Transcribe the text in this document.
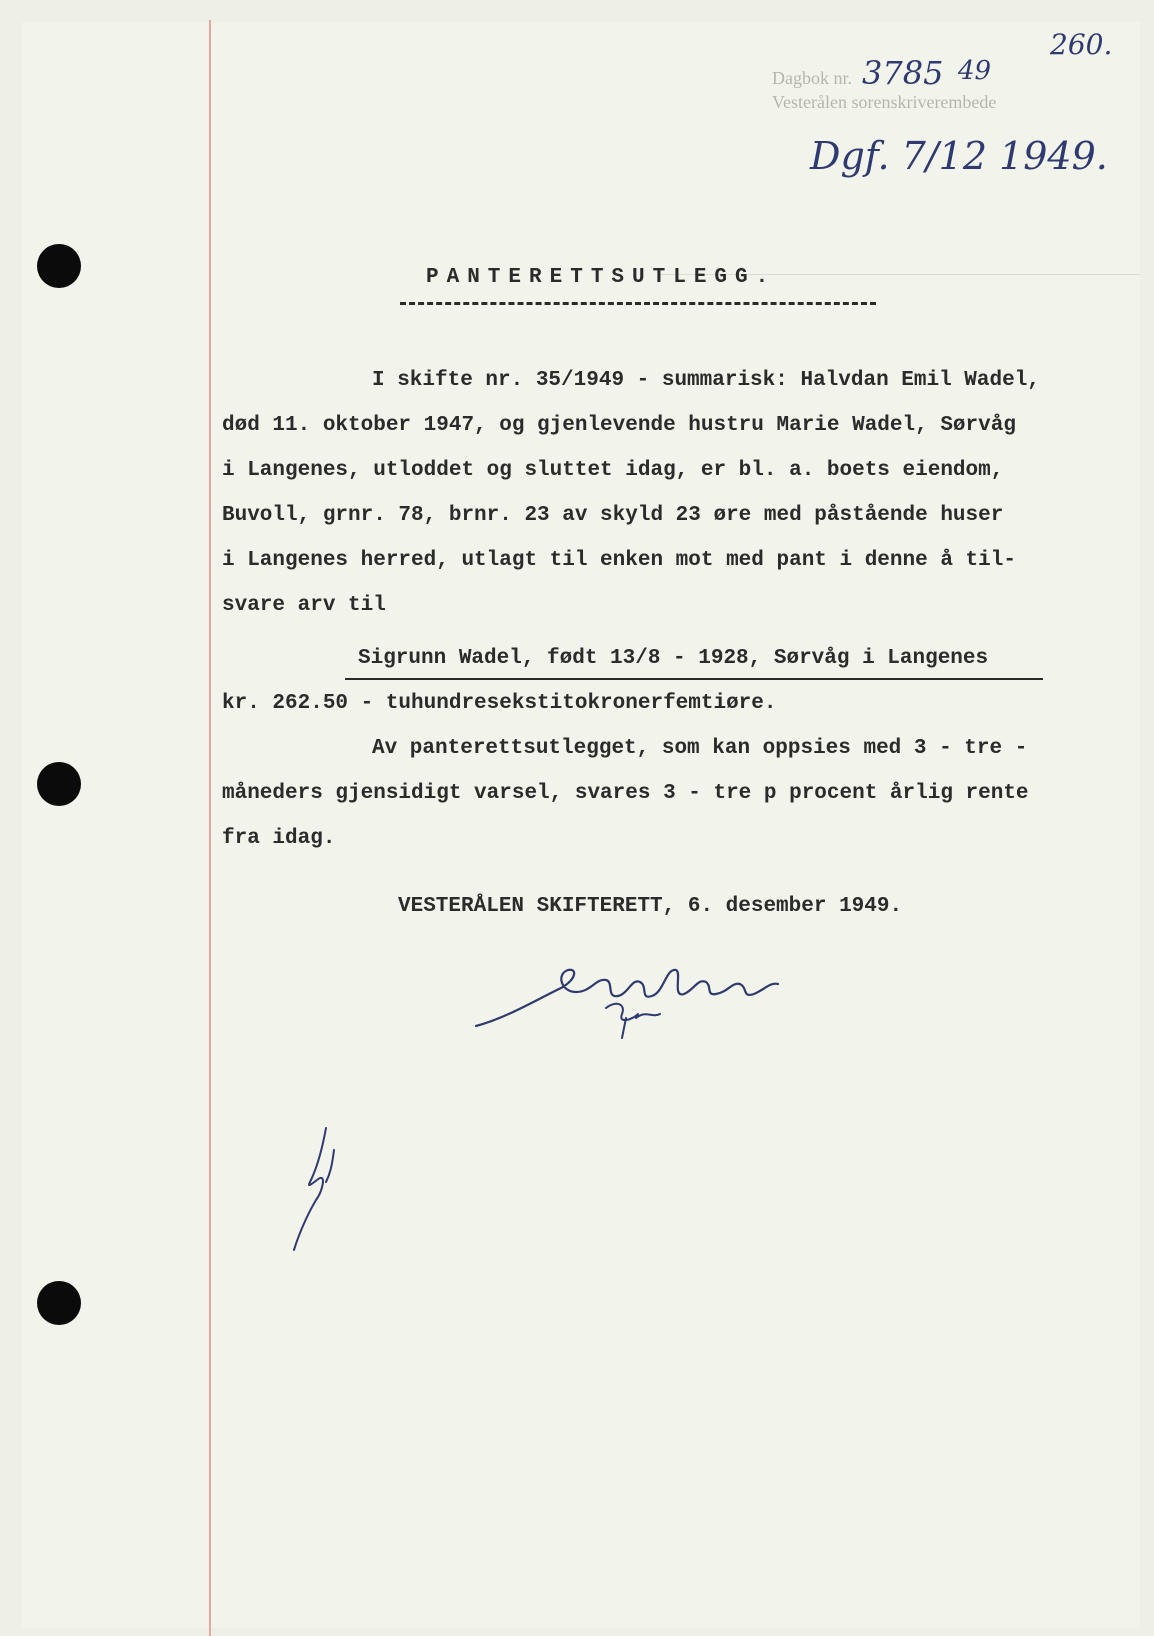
260.
Dagbok nr. 3785 49
Vesterålen sorenskriverembede
Dgf. 7/12 1949.
PANTERETTSUTLEGG.
I skifte nr. 35/1949 - summarisk: Halvdan Emil Wadel,
død 11. oktober 1947, og gjenlevende hustru Marie Wadel, Sørvåg
i Langenes, utloddet og sluttet idag, er bl. a. boets eiendom,
Buvoll, grnr. 78, brnr. 23 av skyld 23 øre med påstående huser
i Langenes herred, utlagt til enken mot med pant i denne å til-
svare arv til
Sigrunn Wadel, født 13/8 - 1928, Sørvåg i Langenes
kr. 262.50 - tuhundresekstitokronerfemtiøre.
Av panterettsutlegget, som kan oppsies med 3 - tre -
måneders gjensidigt varsel, svares 3 - tre p procent årlig rente
fra idag.
VESTERÅLEN SKIFTERETT, 6. desember 1949.
